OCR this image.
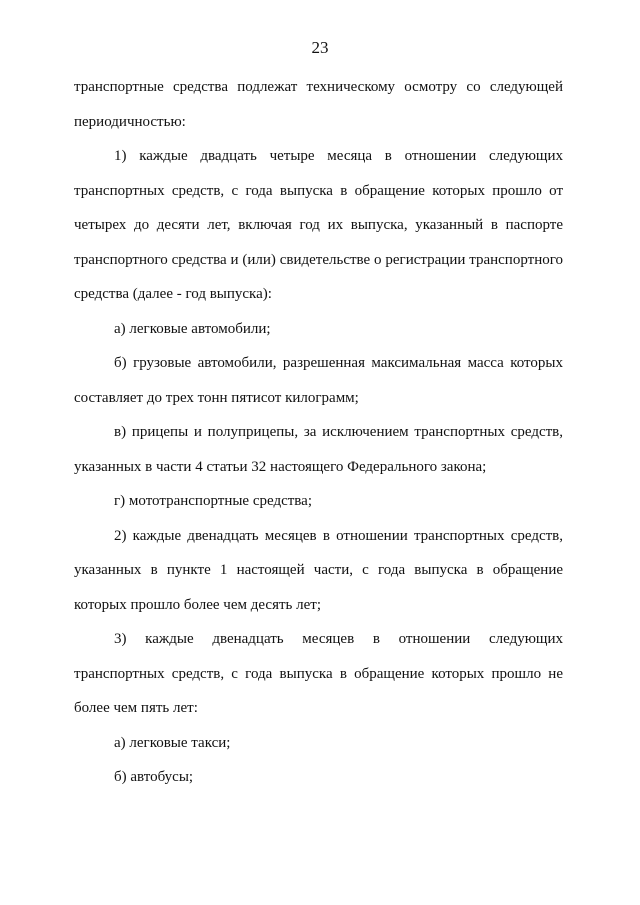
23

транспортные средства подлежат техническому осмотру со следующей периодичностью:

1) каждые двадцать четыре месяца в отношении следующих транспортных средств, с года выпуска в обращение которых прошло от четырех до десяти лет, включая год их выпуска, указанный в паспорте транспортного средства и (или) свидетельстве о регистрации транспортного средства (далее - год выпуска):

а) легковые автомобили;

б) грузовые автомобили, разрешенная максимальная масса которых составляет до трех тонн пятисот килограмм;

в) прицепы и полуприцепы, за исключением транспортных средств, указанных в части 4 статьи 32 настоящего Федерального закона;

г) мототранспортные средства;

2) каждые двенадцать месяцев в отношении транспортных средств, указанных в пункте 1 настоящей части, с года выпуска в обращение которых прошло более чем десять лет;

3) каждые двенадцать месяцев в отношении следующих транспортных средств, с года выпуска в обращение которых прошло не более чем пять лет:

а) легковые такси;

б) автобусы;
